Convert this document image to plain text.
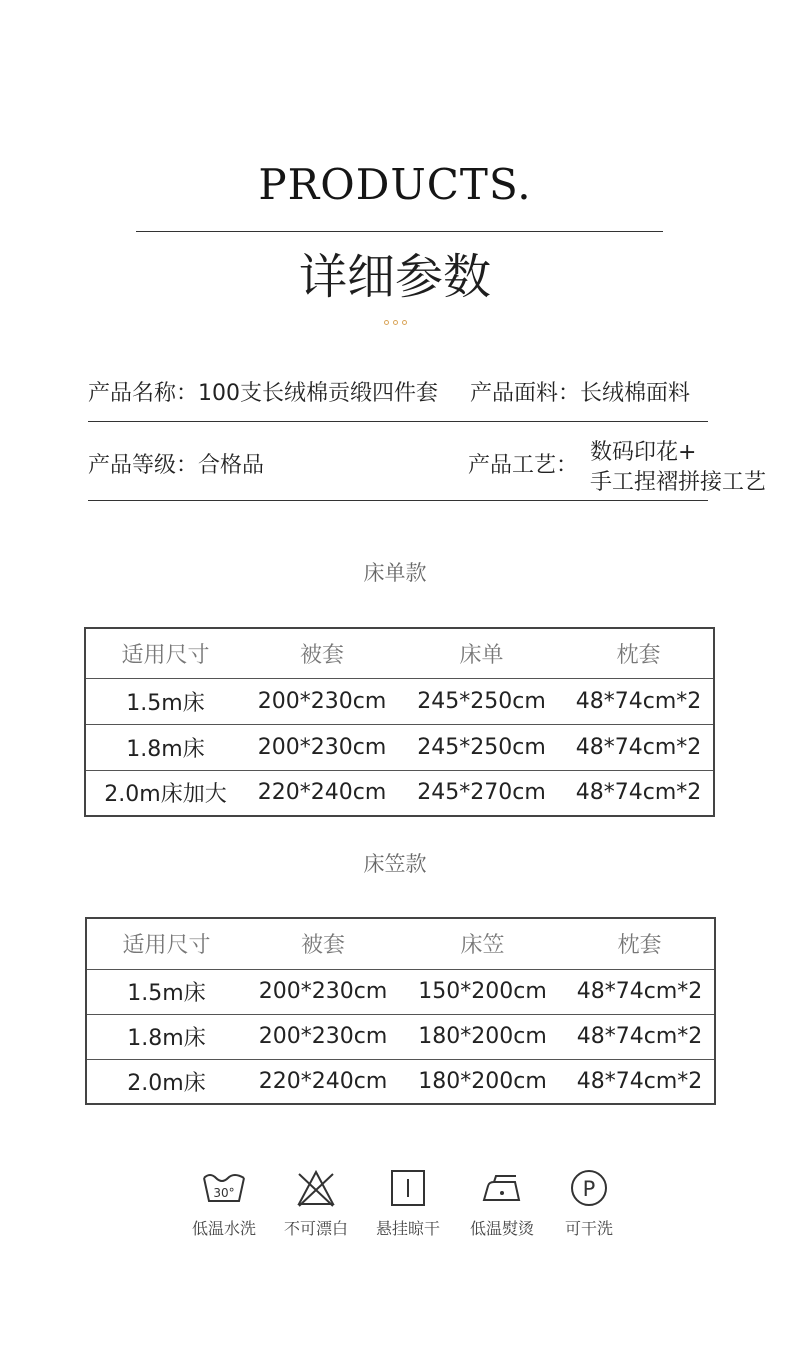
PRODUCTS.
详细参数
产品名称：100支长绒棉贡缎四件套 产品面料：长绒棉面料
产品等级：合格品	产品工艺：
数码印花+
手工捏褶拼接工艺
床单款
适用尺寸	被套	床单	枕套
1.5m床	200*230cm	245*250cm	48*74cm*2
1.8m床	200*230cm	245*250cm	48*74cm*2
2.0m床加大	220*240cm	245*270cm	48*74cm*2
床笠款
适用尺寸	被套	床笠	枕套
1.5m床	200*230cm	150*200cm	48*74cm*2
1.8m床	200*230cm	180*200cm	48*74cm*2
2.0m床	220*240cm	180*200cm	48*74cm*2
30°
低温水洗	不可漂白	悬挂晾干	低温熨烫
P
可干洗
